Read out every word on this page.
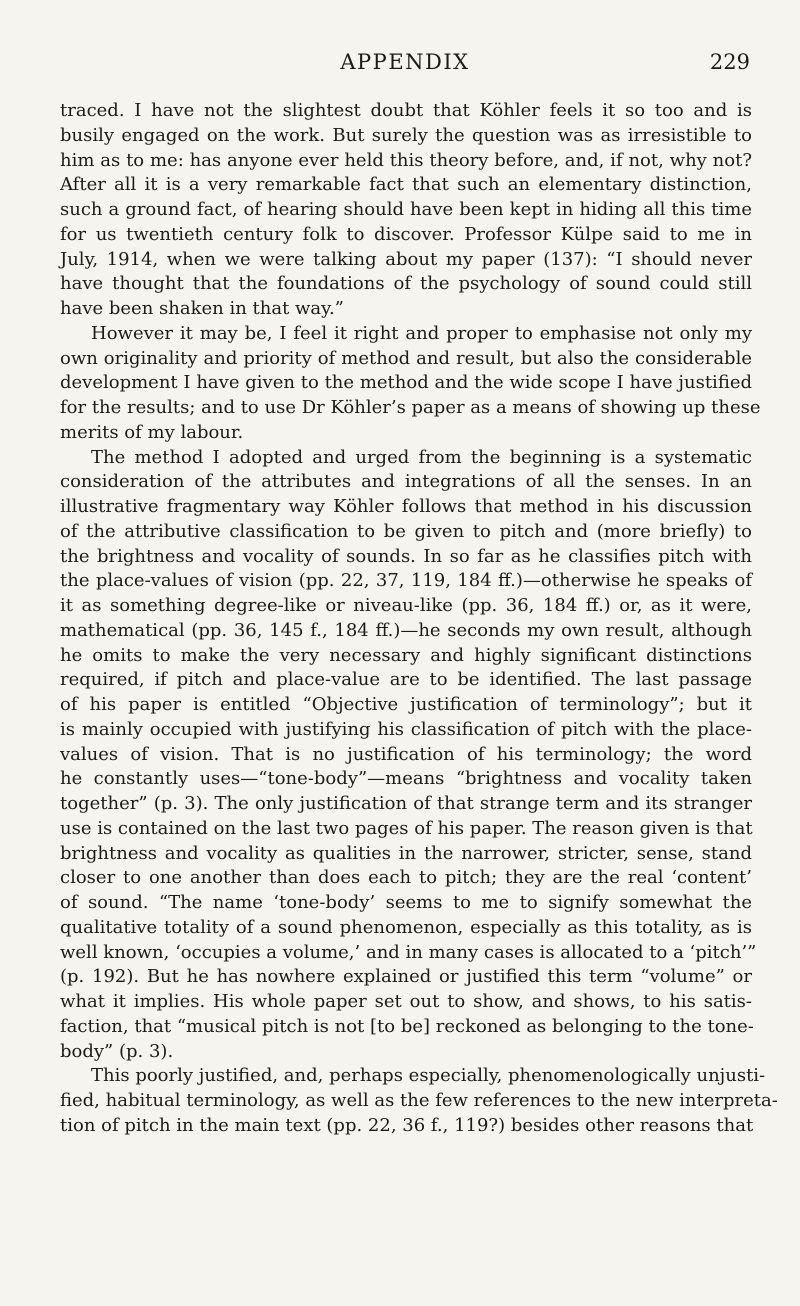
APPENDIX	229
traced. I have not the slightest doubt that Köhler feels it so too and is
busily engaged on the work. But surely the question was as irresistible to
him as to me: has anyone ever held this theory before, and, if not, why not?
After all it is a very remarkable fact that such an elementary distinction,
such a ground fact, of hearing should have been kept in hiding all this time
for us twentieth century folk to discover. Professor Külpe said to me in
July, 1914, when we were talking about my paper (137): “I should never
have thought that the foundations of the psychology of sound could still
have been shaken in that way.”
However it may be, I feel it right and proper to emphasise not only my
own originality and priority of method and result, but also the considerable
development I have given to the method and the wide scope I have justified
for the results; and to use Dr Köhler’s paper as a means of showing up these
merits of my labour.
The method I adopted and urged from the beginning is a systematic
consideration of the attributes and integrations of all the senses. In an
illustrative fragmentary way Köhler follows that method in his discussion
of the attributive classification to be given to pitch and (more briefly) to
the brightness and vocality of sounds. In so far as he classifies pitch with
the place-values of vision (pp. 22, 37, 119, 184 ff.)—otherwise he speaks of
it as something degree-like or niveau-like (pp. 36, 184 ff.) or, as it were,
mathematical (pp. 36, 145 f., 184 ff.)—he seconds my own result, although
he omits to make the very necessary and highly significant distinctions
required, if pitch and place-value are to be identified. The last passage
of his paper is entitled “Objective justification of terminology”; but it
is mainly occupied with justifying his classification of pitch with the place-
values of vision. That is no justification of his terminology; the word
he constantly uses—“tone-body”—means “brightness and vocality taken
together” (p. 3). The only justification of that strange term and its stranger
use is contained on the last two pages of his paper. The reason given is that
brightness and vocality as qualities in the narrower, stricter, sense, stand
closer to one another than does each to pitch; they are the real ‘content’
of sound. “The name ‘tone-body’ seems to me to signify somewhat the
qualitative totality of a sound phenomenon, especially as this totality, as is
well known, ‘occupies a volume,’ and in many cases is allocated to a ‘pitch’”
(p. 192). But he has nowhere explained or justified this term “volume” or
what it implies. His whole paper set out to show, and shows, to his satis-
faction, that “musical pitch is not [to be] reckoned as belonging to the tone-
body” (p. 3).
This poorly justified, and, perhaps especially, phenomenologically unjusti-
fied, habitual terminology, as well as the few references to the new interpreta-
tion of pitch in the main text (pp. 22, 36 f., 119?) besides other reasons that
